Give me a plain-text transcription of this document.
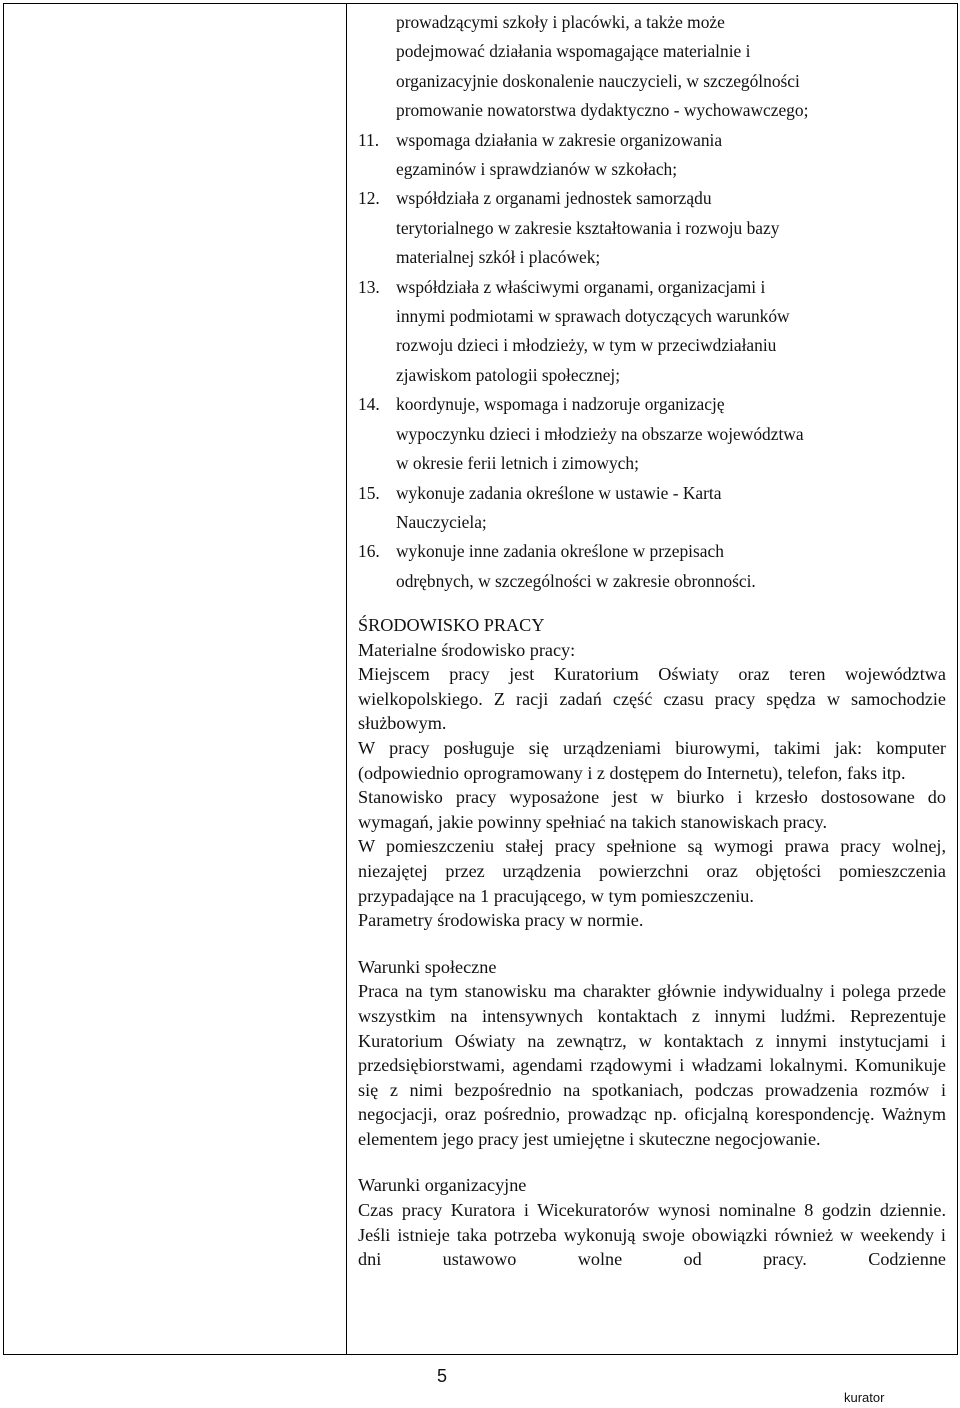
prowadzącymi szkoły i placówki, a także może
podejmować działania wspomagające materialnie i
organizacyjnie doskonalenie nauczycieli, w szczególności
promowanie nowatorstwa dydaktyczno - wychowawczego;
11. wspomaga działania w zakresie organizowania
egzaminów i sprawdzianów w szkołach;
12. współdziała z organami jednostek samorządu
terytorialnego w zakresie kształtowania i rozwoju bazy
materialnej szkół i placówek;
13. współdziała z właściwymi organami, organizacjami i
innymi podmiotami w sprawach dotyczących warunków
rozwoju dzieci i młodzieży, w tym w przeciwdziałaniu
zjawiskom patologii społecznej;
14. koordynuje, wspomaga i nadzoruje organizację
wypoczynku dzieci i młodzieży na obszarze województwa
w okresie ferii letnich i zimowych;
15. wykonuje zadania określone w ustawie - Karta
Nauczyciela;
16. wykonuje inne zadania określone w przepisach
odrębnych, w szczególności w zakresie obronności.

ŚRODOWISKO PRACY

Materialne środowisko pracy:

Miejscem pracy jest Kuratorium Oświaty oraz teren województwa wielkopolskiego. Z racji zadań część czasu pracy spędza w samochodzie służbowym.

W pracy posługuje się urządzeniami biurowymi, takimi jak: komputer (odpowiednio oprogramowany i z dostępem do Internetu), telefon, faks itp.

Stanowisko pracy wyposażone jest w biurko i krzesło dostosowane do wymagań, jakie powinny spełniać na takich stanowiskach pracy.

W pomieszczeniu stałej pracy spełnione są wymogi prawa pracy wolnej, niezajętej przez urządzenia powierzchni oraz objętości pomieszczenia przypadające na 1 pracującego, w tym pomieszczeniu.

Parametry środowiska pracy w normie.

Warunki społeczne

Praca na tym stanowisku ma charakter głównie indywidualny i polega przede wszystkim na intensywnych kontaktach z innymi ludźmi. Reprezentuje Kuratorium Oświaty na zewnątrz, w kontaktach z innymi instytucjami i przedsiębiorstwami, agendami rządowymi i władzami lokalnymi. Komunikuje się z nimi bezpośrednio na spotkaniach, podczas prowadzenia rozmów i negocjacji, oraz pośrednio, prowadząc np. oficjalną korespondencję. Ważnym elementem jego pracy jest umiejętne i skuteczne negocjowanie.

Warunki organizacyjne

Czas pracy Kuratora i Wicekuratorów wynosi nominalne 8 godzin dziennie. Jeśli istnieje taka potrzeba wykonują swoje obowiązki również w weekendy i dni ustawowo wolne od pracy. Codzienne

5
kurator
